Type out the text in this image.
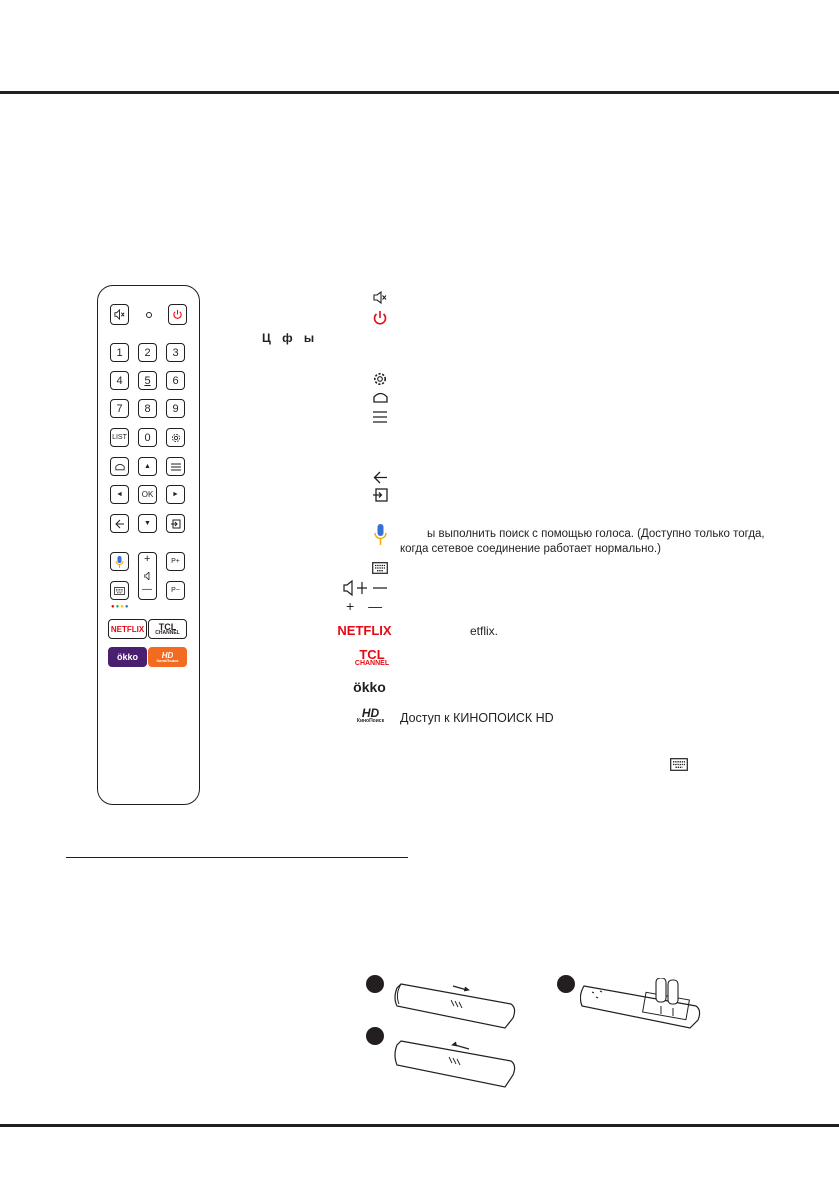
1	2	3
4	5	6
7	8	9
LIST	0
▲
◄	OK	►
▼
+
—
P+
P−
●●●●
NETFLIX	TCL
CHANNEL
ökko	HD
КиноПоиск
Ц ф ы
ы выполнить поиск с помощью голоса. (Доступно только тогда,
когда сетевое соединение работает нормально.)
+ —
NETFLIX	etflix.
TCL
CHANNEL
ökko
HD
КиноПоиск Доступ к КИНОПОИСК HD
